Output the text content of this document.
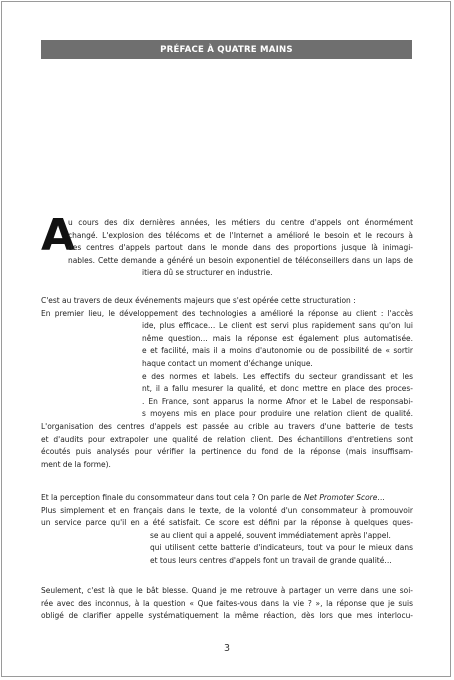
PRÉFACE À QUATRE MAINS
A
u cours des dix dernières années, les métiers du centre d'appels ont énormément
changé. L'explosion des télécoms et de l'Internet a amélioré le besoin et le recours à
des centres d'appels partout dans le monde dans des proportions jusque là inimagi-
nables. Cette demande a généré un besoin exponentiel de téléconseillers dans un laps de
itiera dû se structurer en industrie.
C'est au travers de deux événements majeurs que s'est opérée cette structuration :
En premier lieu, le développement des technologies a amélioré la réponse au client : l'accès
ide, plus efficace… Le client est servi plus rapidement sans qu'on lui
nême question… mais la réponse est également plus automatisée.
e et facilité, mais il a moins d'autonomie ou de possibilité de « sortir
haque contact un moment d'échange unique.
e des normes et labels. Les effectifs du secteur grandissant et les
nt, il a fallu mesurer la qualité, et donc mettre en place des proces-
. En France, sont apparus la norme Afnor et le Label de responsabi-
s moyens mis en place pour produire une relation client de qualité.
L'organisation des centres d'appels est passée au crible au travers d'une batterie de tests
et d'audits pour extrapoler une qualité de relation client. Des échantillons d'entretiens sont
écoutés puis analysés pour vérifier la pertinence du fond de la réponse (mais insuffisam-
ment de la forme).
Et la perception finale du consommateur dans tout cela ? On parle de Net Promoter Score…
Plus simplement et en français dans le texte, de la volonté d'un consommateur à promouvoir
un service parce qu'il en a été satisfait. Ce score est défini par la réponse à quelques ques-
se au client qui a appelé, souvent immédiatement après l'appel.
qui utilisent cette batterie d'indicateurs, tout va pour le mieux dans
et tous leurs centres d'appels font un travail de grande qualité…
Seulement, c'est là que le bât blesse. Quand je me retrouve à partager un verre dans une soi-
rée avec des inconnus, à la question « Que faites-vous dans la vie ? », la réponse que je suis
obligé de clarifier appelle systématiquement la même réaction, dès lors que mes interlocu-
3
